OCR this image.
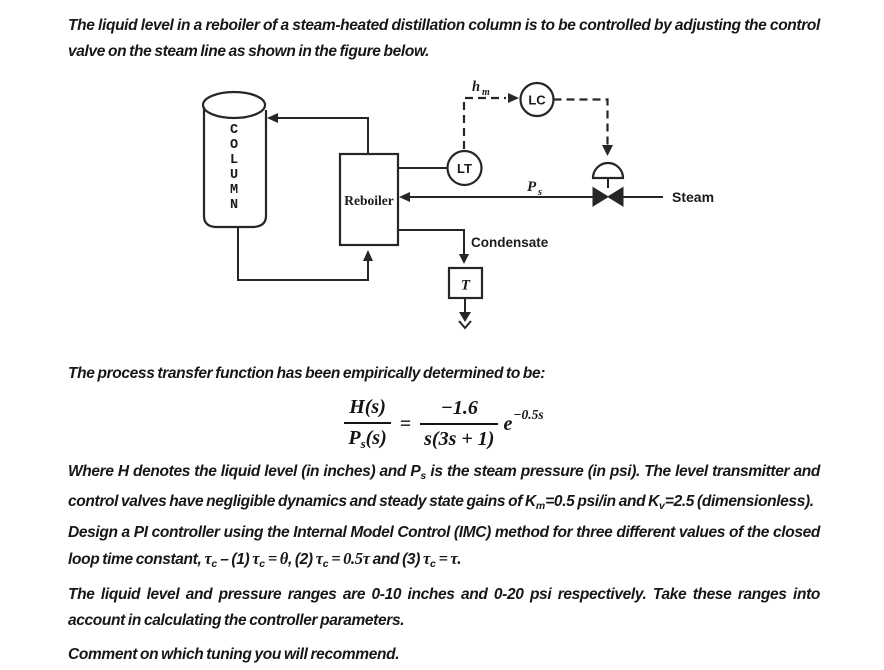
The liquid level in a reboiler of a steam-heated distillation column is to be controlled by adjusting the control valve on the steam line as shown in the figure below.

C
O
L
U
M
N	Reboiler
LT
h m	LC
Steam
P s
Condensate
T

The process transfer function has been empirically determined to be:

$\frac{H(s)}{P_s(s)} = \frac{-1.6}{s(3s + 1)}$ e −0.5s

Where H denotes the liquid level (in inches) and Ps is the steam pressure (in psi). The level transmitter and control valves have negligible dynamics and steady state gains of Km=0.5 psi/in and Kv=2.5 (dimensionless).

Design a PI controller using the Internal Model Control (IMC) method for three different values of the closed loop time constant, τc – (1) τc = θ, (2) τc = 0.5τ and (3) τc = τ.

The liquid level and pressure ranges are 0-10 inches and 0-20 psi respectively. Take these ranges into account in calculating the controller parameters.

Comment on which tuning you will recommend.
